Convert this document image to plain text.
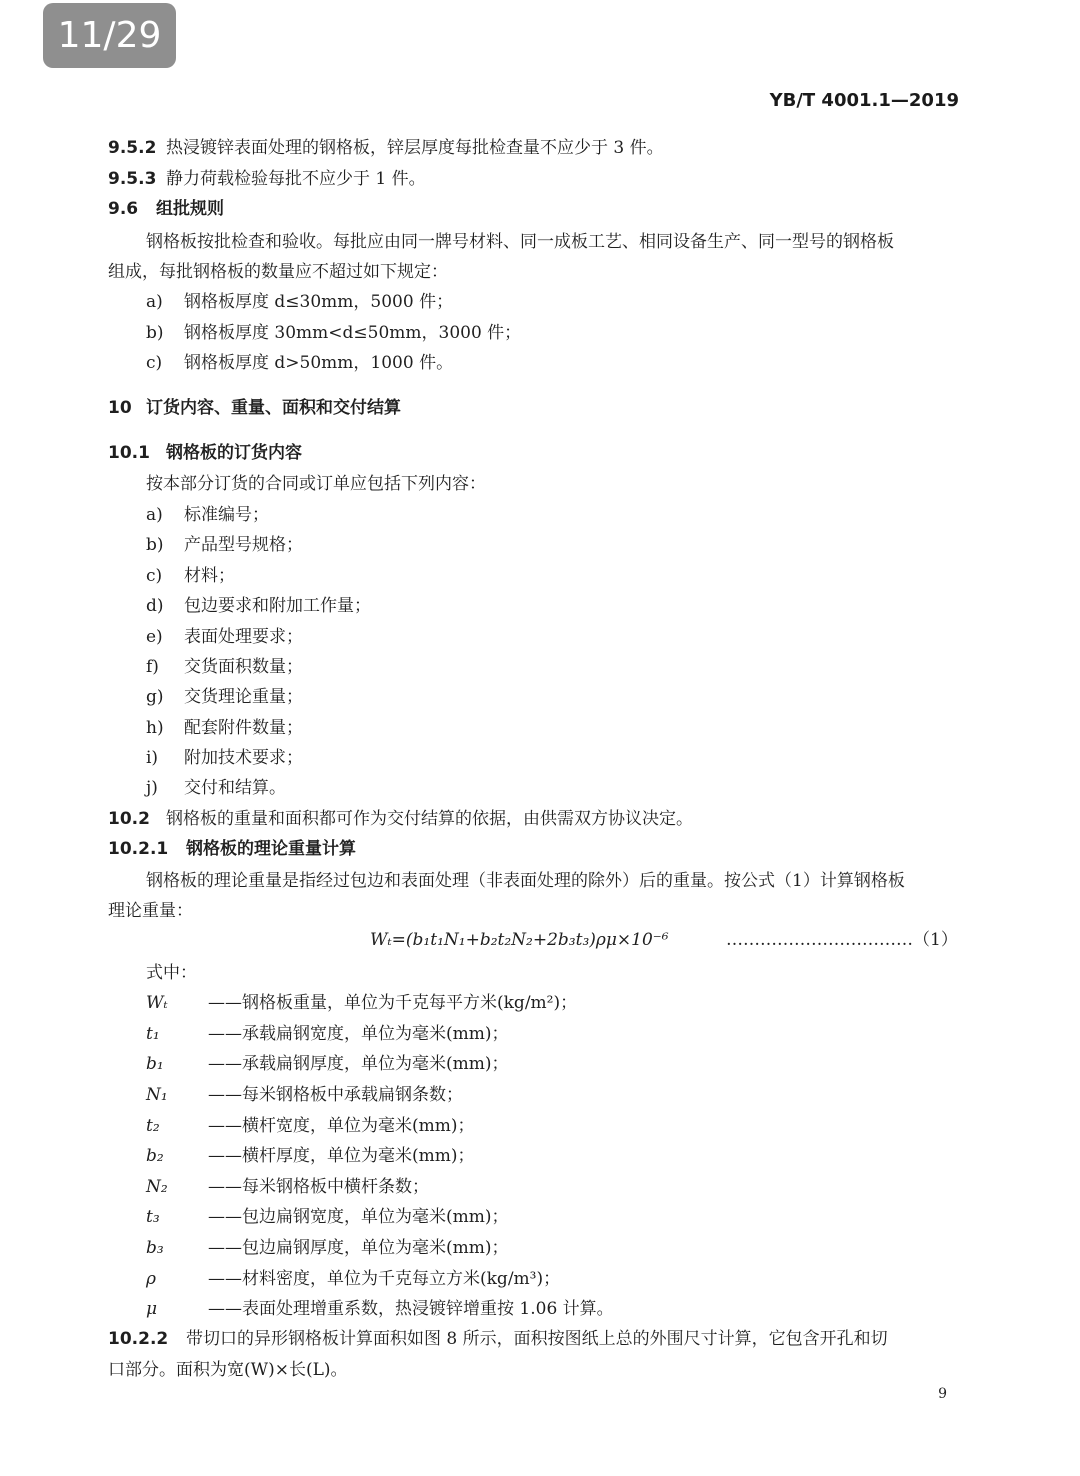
11/29
YB/T 4001.1—2019
9.5.2 热浸镀锌表面处理的钢格板，锌层厚度每批检查量不应少于 3 件。
9.5.3 静力荷载检验每批不应少于 1 件。
9.6 组批规则
钢格板按批检查和验收。每批应由同一牌号材料、同一成板工艺、相同设备生产、同一型号的钢格板
组成，每批钢格板的数量应不超过如下规定：
a) 钢格板厚度 d≤30mm，5000 件；
b) 钢格板厚度 30mm<d≤50mm，3000 件；
c) 钢格板厚度 d>50mm，1000 件。
10 订货内容、重量、面积和交付结算
10.1 钢格板的订货内容
按本部分订货的合同或订单应包括下列内容：
a) 标准编号；
b) 产品型号规格；
c) 材料；
d) 包边要求和附加工作量；
e) 表面处理要求；
f) 交货面积数量；
g) 交货理论重量；
h) 配套附件数量；
i) 附加技术要求；
j) 交付和结算。
10.2 钢格板的重量和面积都可作为交付结算的依据，由供需双方协议决定。
10.2.1 钢格板的理论重量计算
钢格板的理论重量是指经过包边和表面处理（非表面处理的除外）后的重量。按公式（1）计算钢格板
理论重量：
Wₜ=(b₁t₁N₁+b₂t₂N₂+2b₃t₃)ρμ×10⁻⁶	……………………………（1）
式中：
Wₜ ——钢格板重量，单位为千克每平方米(kg/m²)；
t₁	——承载扁钢宽度，单位为毫米(mm)；
b₁	——承载扁钢厚度，单位为毫米(mm)；
N₁ ——每米钢格板中承载扁钢条数；
t₂	——横杆宽度，单位为毫米(mm)；
b₂	——横杆厚度，单位为毫米(mm)；
N₂ ——每米钢格板中横杆条数；
t₃	——包边扁钢宽度，单位为毫米(mm)；
b₃	——包边扁钢厚度，单位为毫米(mm)；
ρ	——材料密度，单位为千克每立方米(kg/m³)；
μ	——表面处理增重系数，热浸镀锌增重按 1.06 计算。
10.2.2 带切口的异形钢格板计算面积如图 8 所示，面积按图纸上总的外围尺寸计算，它包含开孔和切
口部分。面积为宽(W)×长(L)。
9
